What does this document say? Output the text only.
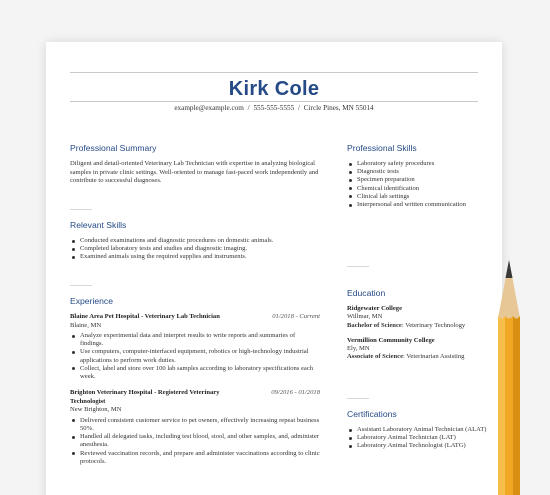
Kirk Cole
example@example.com / 555-555-5555 / Circle Pines, MN 55014
Professional Summary

Diligent and detail-oriented Veterinary Lab Technician with expertise in analyzing biological samples in private clinic settings. Well-oriented to manage fast-paced work independently and contribute to successful diagnoses.

Relevant Skills
Conducted examinations and diagnostic procedures on domestic animals.
Completed laboratory tests and studies and diagnostic imaging.
Examined animals using the required supplies and instruments.
Experience
Blaine Area Pet Hospital - Veterinary Lab Technician	01/2018 - Current
Blaine, MN
Analyze experimental data and interpret results to write reports and summaries of findings.
Use computers, computer-interfaced equipment, robotics or high-technology industrial applications to perform work duties.
Collect, label and store over 100 lab samples according to laboratory specifications each week.
Brighton Veterinary Hospital - Registered Veterinary Technologist
09/2016 - 01/2018
New Brighton, MN
Delivered consistent customer service to pet owners, effectively increasing repeat business 50%.
Handled all delegated tasks, including test blood, stool, and other samples, and, administer anesthesia.
Reviewed vaccination records, and prepare and administer vaccinations according to clinic protocols.
Professional Skills
Laboratory safety procedures
Diagnostic tests
Specimen preparation
Chemical identification
Clinical lab settings
Interpersonal and written communication
Education
Ridgewater College
Willmar, MN
Bachelor of Science: Veterinary Technology
Vermillion Community College
Ely, MN
Associate of Science: Veterinarian Assisting
Certifications
Assistant Laboratory Animal Technician (ALAT)
Laboratory Animal Technician (LAT)
Laboratory Animal Technologist (LATG)
